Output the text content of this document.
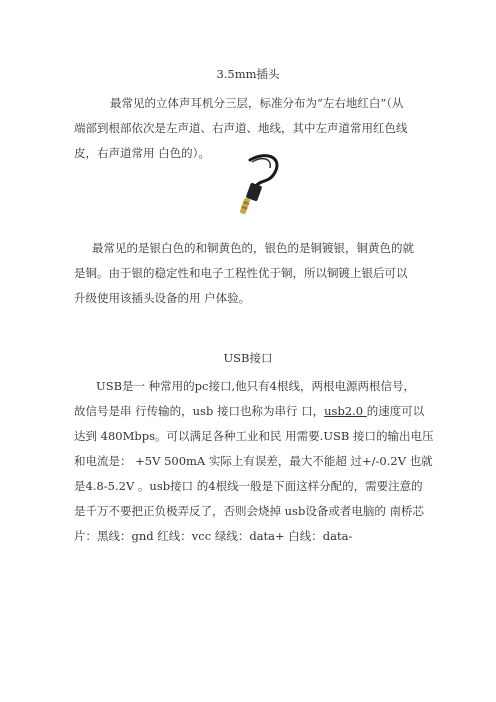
3.5mm插头
最常见的立体声耳机分三层，标准分布为“左右地红白”（从
端部到根部依次是左声道、右声道、地线，其中左声道常用红色线
皮，右声道常用 白色的）。
最常见的是银白色的和铜黄色的，银色的是铜镀银，铜黄色的就
是铜。由于银的稳定性和电子工程性优于铜，所以铜镀上银后可以
升级使用该插头设备的用 户体验。
USB接口
USB是一 种常用的pc接口,他只有4根线，两根电源两根信号，
故信号是串 行传输的，usb 接口也称为串行 口，usb2.0 的速度可以
达到 480Mbps。可以满足各种工业和民 用需要.USB 接口的输出电压
和电流是： +5V 500mA 实际上有误差，最大不能超 过+/-0.2V 也就
是4.8-5.2V 。usb接口 的4根线一般是下面这样分配的，需要注意的
是千万不要把正负极弄反了，否则会烧掉 usb设备或者电脑的 南桥芯
片：黑线：gnd 红线：vcc 绿线：data+ 白线：data-
